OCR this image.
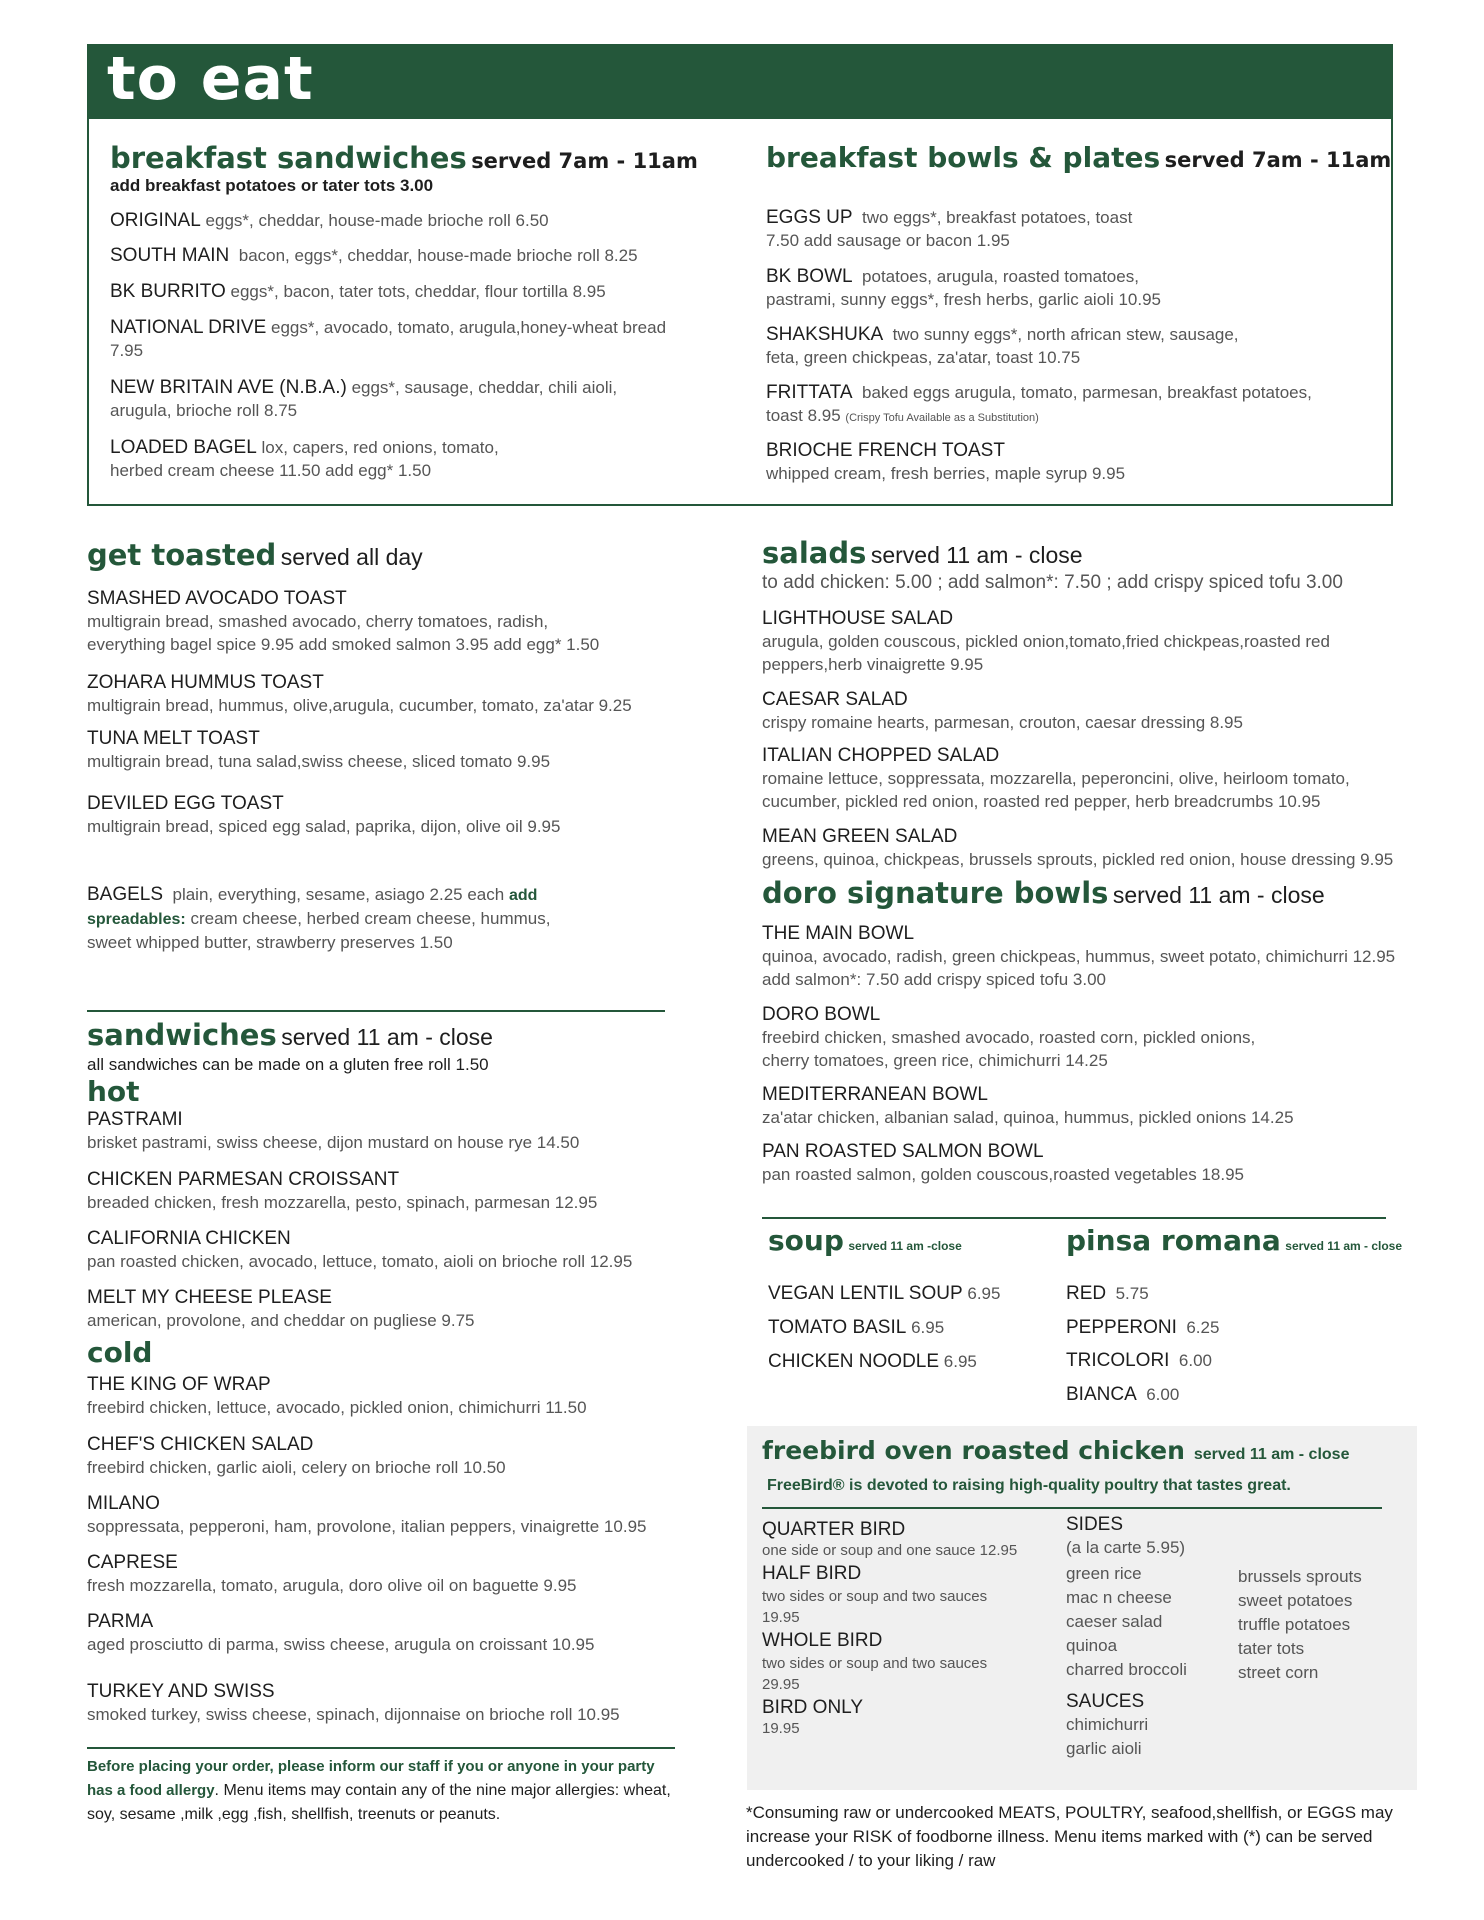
to eat
breakfast sandwiches served 7am - 11am
add breakfast potatoes or tater tots 3.00
ORIGINAL eggs*, cheddar, house-made brioche roll 6.50
SOUTH MAIN bacon, eggs*, cheddar, house-made brioche roll 8.25
BK BURRITO eggs*, bacon, tater tots, cheddar, flour tortilla 8.95
NATIONAL DRIVE eggs*, avocado, tomato, arugula,honey-wheat bread
7.95
NEW BRITAIN AVE (N.B.A.) eggs*, sausage, cheddar, chili aioli,
arugula, brioche roll 8.75
LOADED BAGEL lox, capers, red onions, tomato,
herbed cream cheese 11.50 add egg* 1.50
breakfast bowls & plates served 7am - 11am
EGGS UP two eggs*, breakfast potatoes, toast
7.50 add sausage or bacon 1.95
BK BOWL potatoes, arugula, roasted tomatoes,
pastrami, sunny eggs*, fresh herbs, garlic aioli 10.95
SHAKSHUKA two sunny eggs*, north african stew, sausage,
feta, green chickpeas, za'atar, toast 10.75
FRITTATA baked eggs arugula, tomato, parmesan, breakfast potatoes,
toast 8.95 (Crispy Tofu Available as a Substitution)
BRIOCHE FRENCH TOAST
whipped cream, fresh berries, maple syrup 9.95
get toasted served all day
SMASHED AVOCADO TOAST
multigrain bread, smashed avocado, cherry tomatoes, radish,
everything bagel spice 9.95 add smoked salmon 3.95 add egg* 1.50
ZOHARA HUMMUS TOAST
multigrain bread, hummus, olive,arugula, cucumber, tomato, za'atar 9.25
TUNA MELT TOAST
multigrain bread, tuna salad,swiss cheese, sliced tomato 9.95
DEVILED EGG TOAST
multigrain bread, spiced egg salad, paprika, dijon, olive oil 9.95
BAGELS plain, everything, sesame, asiago 2.25 each add
spreadables: cream cheese, herbed cream cheese, hummus,
sweet whipped butter, strawberry preserves 1.50
sandwiches served 11 am - close
all sandwiches can be made on a gluten free roll 1.50
hot
PASTRAMI
brisket pastrami, swiss cheese, dijon mustard on house rye 14.50
CHICKEN PARMESAN CROISSANT
breaded chicken, fresh mozzarella, pesto, spinach, parmesan 12.95
CALIFORNIA CHICKEN
pan roasted chicken, avocado, lettuce, tomato, aioli on brioche roll 12.95
MELT MY CHEESE PLEASE
american, provolone, and cheddar on pugliese 9.75
cold
THE KING OF WRAP
freebird chicken, lettuce, avocado, pickled onion, chimichurri 11.50
CHEF'S CHICKEN SALAD
freebird chicken, garlic aioli, celery on brioche roll 10.50
MILANO
soppressata, pepperoni, ham, provolone, italian peppers, vinaigrette 10.95
CAPRESE
fresh mozzarella, tomato, arugula, doro olive oil on baguette 9.95
PARMA
aged prosciutto di parma, swiss cheese, arugula on croissant 10.95
TURKEY AND SWISS
smoked turkey, swiss cheese, spinach, dijonnaise on brioche roll 10.95
Before placing your order, please inform our staff if you or anyone in your party has a food allergy. Menu items may contain any of the nine major allergies: wheat, soy, sesame ,milk ,egg ,fish, shellfish, treenuts or peanuts.
salads served 11 am - close
to add chicken: 5.00 ; add salmon*: 7.50 ; add crispy spiced tofu 3.00
LIGHTHOUSE SALAD
arugula, golden couscous, pickled onion,tomato,fried chickpeas,roasted red
peppers,herb vinaigrette 9.95
CAESAR SALAD
crispy romaine hearts, parmesan, crouton, caesar dressing 8.95
ITALIAN CHOPPED SALAD
romaine lettuce, soppressata, mozzarella, peperoncini, olive, heirloom tomato,
cucumber, pickled red onion, roasted red pepper, herb breadcrumbs 10.95
MEAN GREEN SALAD
greens, quinoa, chickpeas, brussels sprouts, pickled red onion, house dressing 9.95
doro signature bowls served 11 am - close
THE MAIN BOWL
quinoa, avocado, radish, green chickpeas, hummus, sweet potato, chimichurri 12.95
add salmon*: 7.50 add crispy spiced tofu 3.00
DORO BOWL
freebird chicken, smashed avocado, roasted corn, pickled onions,
cherry tomatoes, green rice, chimichurri 14.25
MEDITERRANEAN BOWL
za'atar chicken, albanian salad, quinoa, hummus, pickled onions 14.25
PAN ROASTED SALMON BOWL
pan roasted salmon, golden couscous,roasted vegetables 18.95
soup served 11 am -close
VEGAN LENTIL SOUP 6.95
TOMATO BASIL 6.95
CHICKEN NOODLE 6.95
pinsa romana served 11 am - close
RED 5.75
PEPPERONI 6.25
TRICOLORI 6.00
BIANCA 6.00
freebird oven roasted chicken served 11 am - close
FreeBird® is devoted to raising high-quality poultry that tastes great.
QUARTER BIRD
one side or soup and one sauce 12.95
HALF BIRD
two sides or soup and two sauces
19.95
WHOLE BIRD
two sides or soup and two sauces
29.95
BIRD ONLY
19.95
SIDES
(a la carte 5.95)
green rice
mac n cheese
caeser salad
quinoa
charred broccoli
brussels sprouts
sweet potatoes
truffle potatoes
tater tots
street corn
SAUCES
chimichurri
garlic aioli
*Consuming raw or undercooked MEATS, POULTRY, seafood,shellfish, or EGGS may increase your RISK of foodborne illness. Menu items marked with (*) can be served undercooked / to your liking / raw
